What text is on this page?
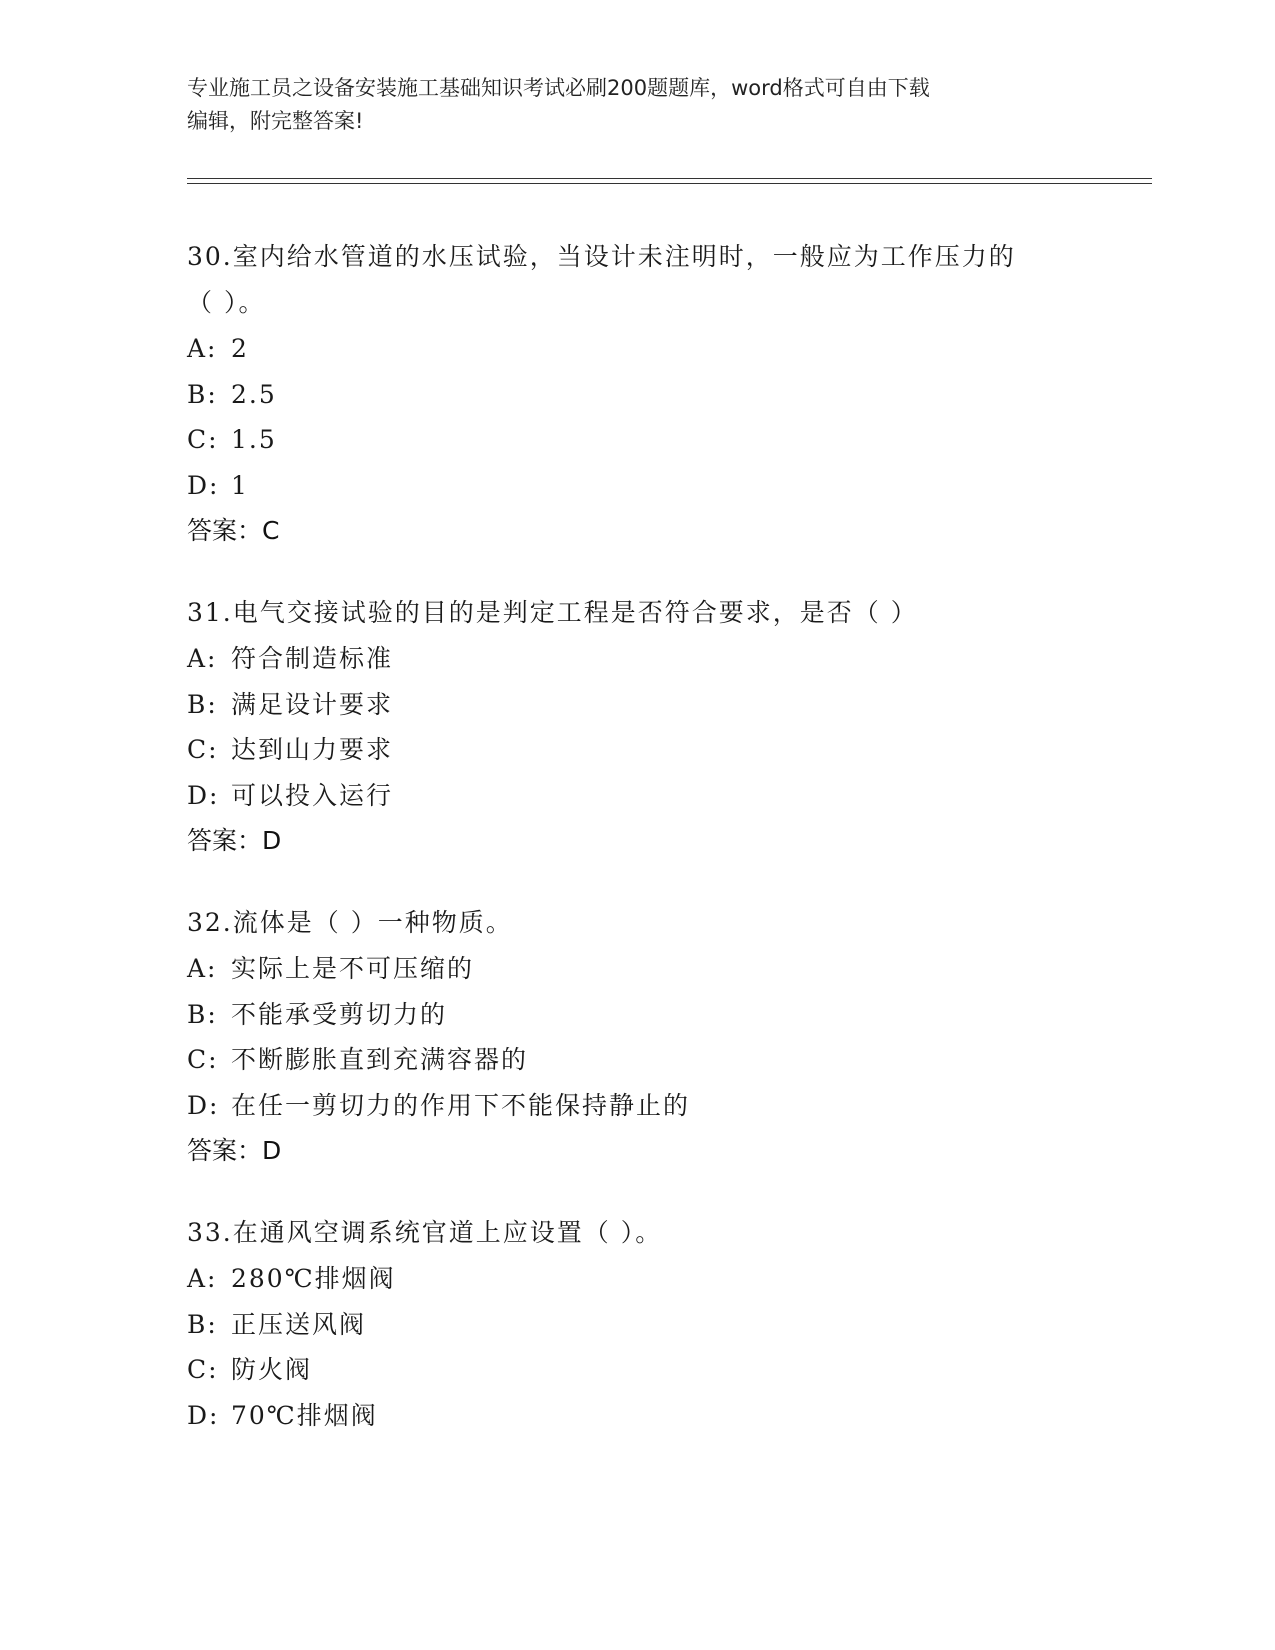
专业施工员之设备安装施工基础知识考试必刷200题题库，word格式可自由下载
编辑，附完整答案!

30.室内给水管道的水压试验，当设计未注明时，一般应为工作压力的

（ ）。

A: 2

B: 2.5

C: 1.5

D: 1

答案：C

31.电气交接试验的目的是判定工程是否符合要求，是否（ ）

A: 符合制造标准

B: 满足设计要求

C: 达到山力要求

D: 可以投入运行

答案：D

32.流体是（ ）一种物质。

A: 实际上是不可压缩的

B: 不能承受剪切力的

C: 不断膨胀直到充满容器的

D: 在任一剪切力的作用下不能保持静止的

答案：D

33.在通风空调系统官道上应设置（ ）。

A: 280℃排烟阀

B: 正压送风阀

C: 防火阀

D: 70℃排烟阀
